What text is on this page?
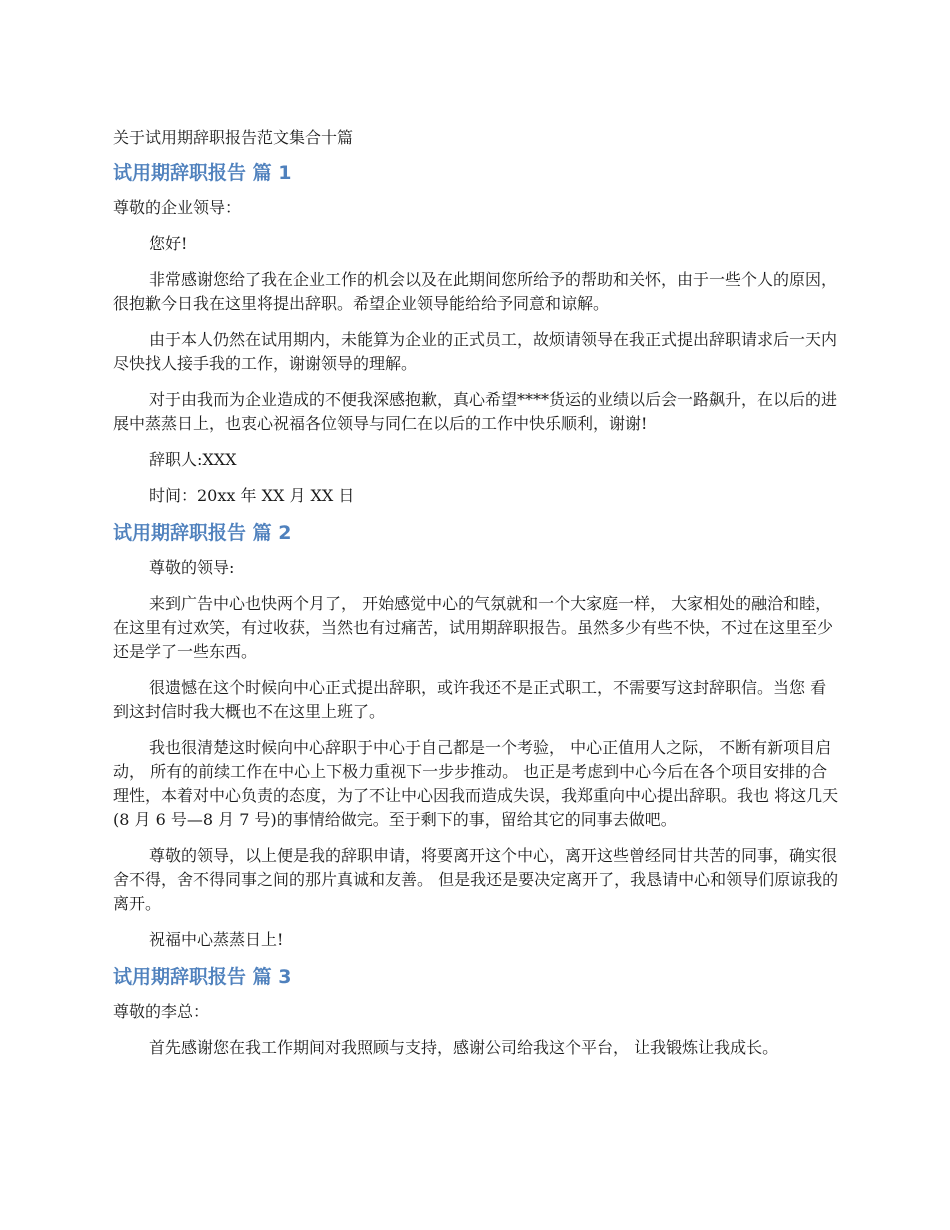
关于试用期辞职报告范文集合十篇
试用期辞职报告 篇 1

尊敬的企业领导：

您好!

非常感谢您给了我在企业工作的机会以及在此期间您所给予的帮助和关怀，由于一些个人的原因，很抱歉今日我在这里将提出辞职。希望企业领导能给给予同意和谅解。

由于本人仍然在试用期内，未能算为企业的正式员工，故烦请领导在我正式提出辞职请求后一天内尽快找人接手我的工作，谢谢领导的理解。

对于由我而为企业造成的不便我深感抱歉，真心希望****货运的业绩以后会一路飙升，在以后的进展中蒸蒸日上，也衷心祝福各位领导与同仁在以后的工作中快乐顺利，谢谢!

辞职人:XXX

时间：20xx 年 XX 月 XX 日

试用期辞职报告 篇 2

尊敬的领导:

来到广告中心也快两个月了， 开始感觉中心的气氛就和一个大家庭一样， 大家相处的融洽和睦， 在这里有过欢笑，有过收获，当然也有过痛苦，试用期辞职报告。虽然多少有些不快，不过在这里至少还是学了一些东西。

很遗憾在这个时候向中心正式提出辞职，或许我还不是正式职工，不需要写这封辞职信。当您 看到这封信时我大概也不在这里上班了。

我也很清楚这时候向中心辞职于中心于自己都是一个考验， 中心正值用人之际， 不断有新项目启动， 所有的前续工作在中心上下极力重视下一步步推动。 也正是考虑到中心今后在各个项目安排的合理性，本着对中心负责的态度，为了不让中心因我而造成失误，我郑重向中心提出辞职。我也 将这几天(8 月 6 号—8 月 7 号)的事情给做完。至于剩下的事，留给其它的同事去做吧。

尊敬的领导，以上便是我的辞职申请，将要离开这个中心，离开这些曾经同甘共苦的同事，确实很舍不得，舍不得同事之间的那片真诚和友善。 但是我还是要决定离开了，我恳请中心和领导们原谅我的离开。

祝福中心蒸蒸日上!

试用期辞职报告 篇 3

尊敬的李总：

首先感谢您在我工作期间对我照顾与支持，感谢公司给我这个平台， 让我锻炼让我成长。
